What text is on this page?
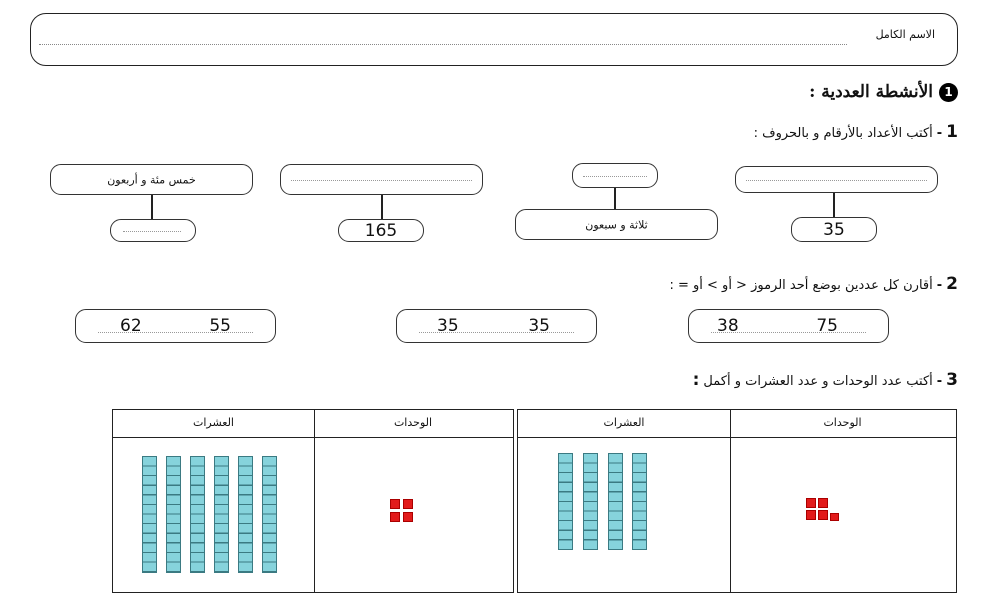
الاسم الكامل
1
الأنشطة العددية :
1
-
أكتب الأعداد بالأرقام و بالحروف :
35
ثلاثة و سبعون
165
خمس مئة و أربعون
2
-
أقارن كل عددين بوضع أحد الرموز < أو > أو = :
38	75
35	35
62	55
3
-
أكتب عدد الوحدات و عدد العشرات و أكمل
:
الوحدات
العشرات
الوحدات
العشرات
